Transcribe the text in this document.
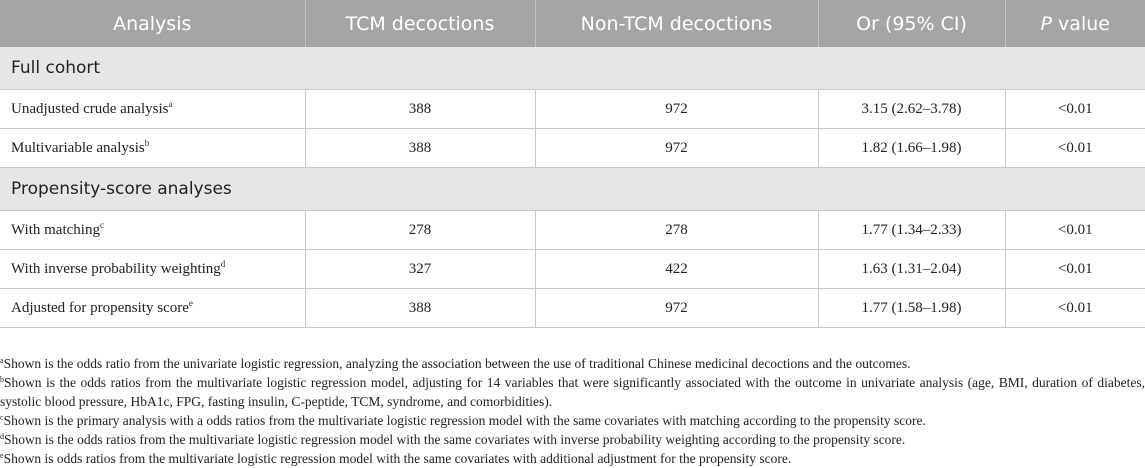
Analysis	TCM decoctions	Non-TCM decoctions	Or (95% CI)	P value
Full cohort				
Unadjusted crude analysis$^a$	388	972	3.15 (2.62–3.78)	<0.01
Multivariable analysis$^b$	388	972	1.82 (1.66–1.98)	<0.01
Propensity-score analyses				
With matching$^c$	278	278	1.77 (1.34–2.33)	<0.01
With inverse probability weighting$^d$	327	422	1.63 (1.31–2.04)	<0.01
Adjusted for propensity score$^e$	388	972	1.77 (1.58–1.98)	<0.01

$^a$Shown is the odds ratio from the univariate logistic regression, analyzing the association between the use of traditional Chinese medicinal decoctions and the outcomes.

$^b$Shown is the odds ratios from the multivariate logistic regression model, adjusting for 14 variables that were significantly associated with the outcome in univariate analysis (age, BMI, duration of diabetes, systolic blood pressure, HbA1c, FPG, fasting insulin, C-peptide, TCM, syndrome, and comorbidities).

$^c$Shown is the primary analysis with a odds ratios from the multivariate logistic regression model with the same covariates with matching according to the propensity score.

$^d$Shown is the odds ratios from the multivariate logistic regression model with the same covariates with inverse probability weighting according to the propensity score.

$^e$Shown is odds ratios from the multivariate logistic regression model with the same covariates with additional adjustment for the propensity score.
